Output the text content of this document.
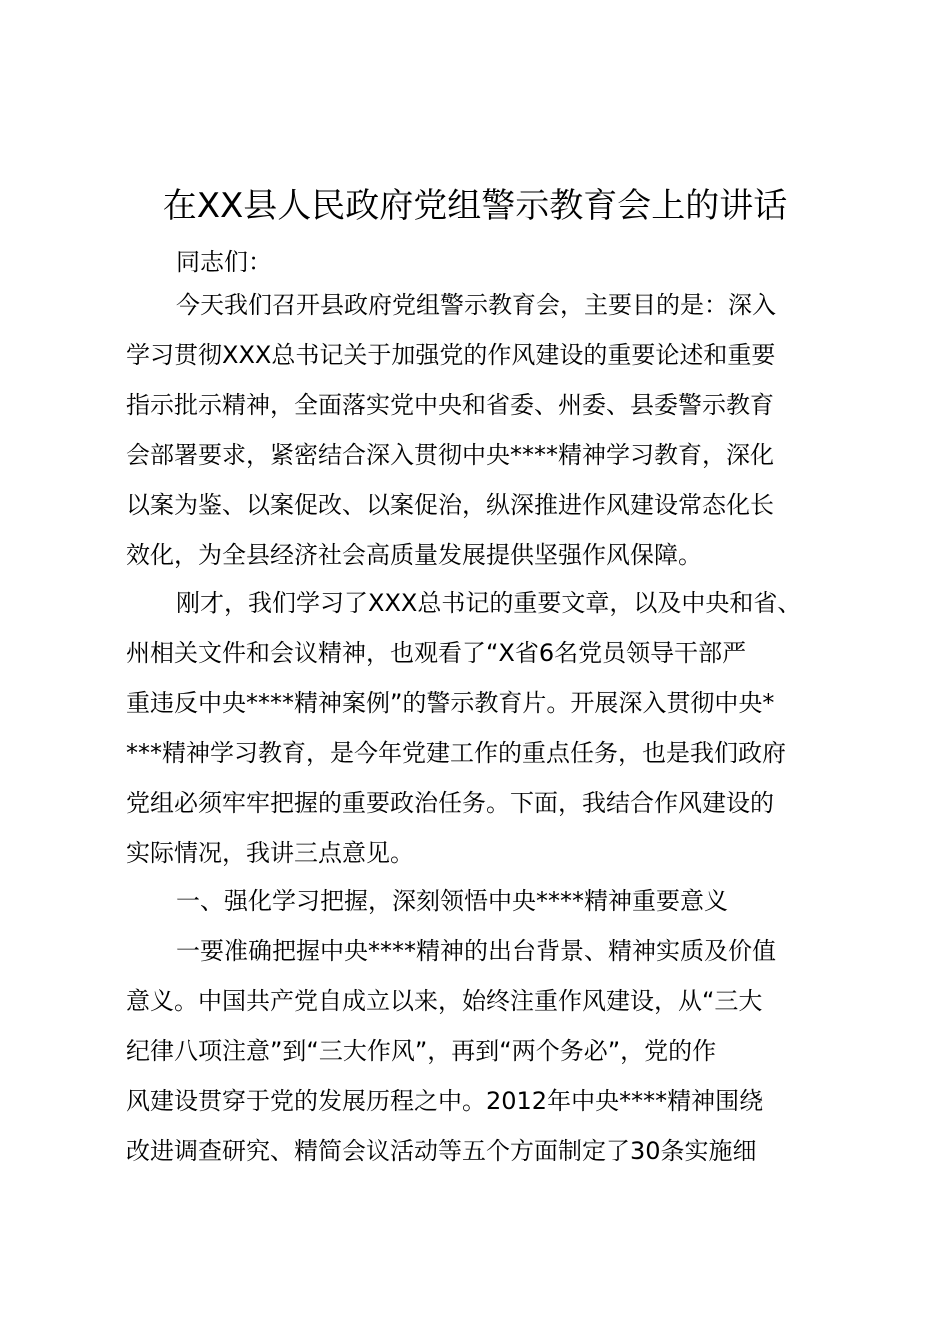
在XX县人民政府党组警示教育会上的讲话

同志们：

今天我们召开县政府党组警示教育会，主要目的是：深入
学习贯彻XXX总书记关于加强党的作风建设的重要论述和重要
指示批示精神，全面落实党中央和省委、州委、县委警示教育
会部署要求，紧密结合深入贯彻中央****精神学习教育，深化
以案为鉴、以案促改、以案促治，纵深推进作风建设常态化长
效化，为全县经济社会高质量发展提供坚强作风保障。

刚才，我们学习了XXX总书记的重要文章，以及中央和省、
州相关文件和会议精神，也观看了“X省6名党员领导干部严
重违反中央****精神案例”的警示教育片。开展深入贯彻中央*
***精神学习教育，是今年党建工作的重点任务，也是我们政府
党组必须牢牢把握的重要政治任务。下面，我结合作风建设的
实际情况，我讲三点意见。

一、强化学习把握，深刻领悟中央****精神重要意义

一要准确把握中央****精神的出台背景、精神实质及价值
意义。中国共产党自成立以来，始终注重作风建设，从“三大
纪律八项注意”到“三大作风”，再到“两个务必”，党的作
风建设贯穿于党的发展历程之中。2012年中央****精神围绕
改进调查研究、精简会议活动等五个方面制定了30条实施细
